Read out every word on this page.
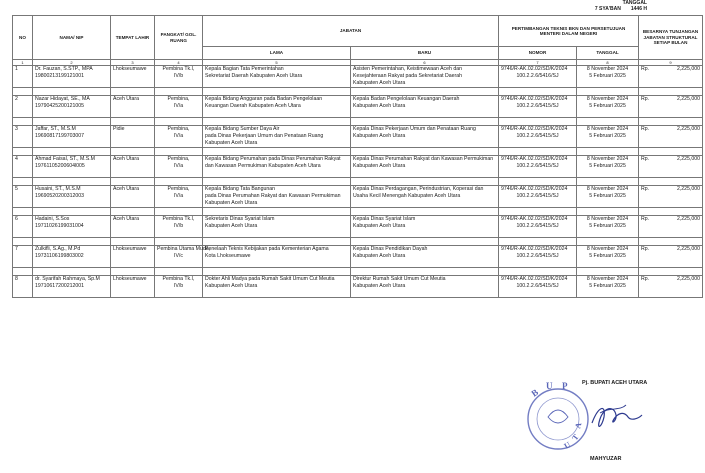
TANGGAL
7 SYA'BAN 1446 H
NO	NAMA/ NIP	TEMPAT LAHIR	PANGKAT/ GOL. RUANG	JABATAN		PERTIMBANGAN TEKNIS BKN DAN PERSETUJUAN MENTERI DALAM NEGERI		BESARNYA TUNJANGAN JABATAN STRUKTURAL SETIAP BULAN
				LAMA	BARU	NOMOR	TANGGAL	
1	2	3	4	5	6	7	8	9
1	Dr. Fauzan, S.STP., MPA	Lhokseumawe	Pembina Tk.I,	Kepala Bagian Tata Pemerintahan	Asisten Pemerintahan, Keistimewaan Aceh dan	9746/R-AK.02.02/SD/K/2024	8 November 2024	Rp. 2,225,000

	19800213199121001		IV/b	Sekretariat Daerah Kabupaten Aceh Utara	Kesejahteraan Rakyat pada Sekretariat Daerah	100.2.2.6/5416/SJ	5 Februari 2025	
					Kabupaten Aceh Utara			

2	Nazar Hidayat, SE., MA	Aceh Utara	Pembina,	Kepala Bidang Anggaran pada Badan Pengelolaan	Kepala Badan Pengelolaan Keuangan Daerah	9746/R-AK.02.02/SD/K/2024	8 November 2024	Rp. 2,225,000

	19790425200121005		IV/a	Keuangan Daerah Kabupaten Aceh Utara	Kabupaten Aceh Utara	100.2.2.6/5415/SJ	5 Februari 2025	

3	Jaffar, ST., M.S.M	Pidie	Pembina,	Kepala Bidang Sumber Daya Air	Kepala Dinas Pekerjaan Umum dan Penataan Ruang	9746/R-AK.02.02/SD/K/2024	8 November 2024	Rp. 2,225,000

	19690817199703007		IV/a	pada Dinas Pekerjaan Umum dan Penataan Ruang	Kabupaten Aceh Utara	100.2.2.6/5415/SJ	5 Februari 2025	
				Kabupaten Aceh Utara				

4	Ahmad Faisal, ST., M.S.M	Aceh Utara	Pembina,	Kepala Bidang Perumahan pada Dinas Perumahan Rakyat	Kepala Dinas Perumahan Rakyat dan Kawasan Permukiman	9746/R-AK.02.02/SD/K/2024	8 November 2024	Rp. 2,225,000

	19761105200604l005		IV/a	dan Kawasan Permukiman Kabupaten Aceh Utara	Kabupaten Aceh Utara	100.2.2.6/5415/SJ	5 Februari 2025	

5	Husaini, ST., M.S.M	Aceh Utara	Pembina,	Kepala Bidang Tata Bangunan	Kepala Dinas Perdagangan, Perindustrian, Koperasi dan	9746/R-AK.02.02/SD/K/2024	8 November 2024	Rp. 2,225,000

	19690520200312003		IV/a	pada Dinas Perumahan Rakyat dan Kawasan Permukiman	Usaha Kecil Menengah Kabupaten Aceh Utara	100.2.2.6/5415/SJ	5 Februari 2025	
				Kabupaten Aceh Utara				

6	Hadaini, S.Sos	Aceh Utara	Pembina Tk.I,	Sekretaris Dinas Syariat Islam	Kepala Dinas Syariat Islam	9746/R-AK.02.02/SD/K/2024	8 November 2024	Rp. 2,225,000

	19711026199031004		IV/b	Kabupaten Aceh Utara	Kabupaten Aceh Utara	100.2.2.6/5415/SJ	5 Februari 2025	

7	Zulkifli, S.Ag., M.Pd	Lhokseumawe	Pembina Utama Muda,	Penelaah Teknis Kebijakan pada Kementerian Agama	Kepala Dinas Pendidikan Dayah	9746/R-AK.02.02/SD/K/2024	8 November 2024	Rp. 2,225,000

	19731106199803002		IV/c	Kota Lhokseumawe	Kabupaten Aceh Utara	100.2.2.6/5415/SJ	5 Februari 2025	

8	dr. Syarifah Rahmaya, Sp.M	Lhokseumawe	Pembina Tk.I,	Dokter Ahli Madya pada Rumah Sakit Umum Cut Meutia	Direktur Rumah Sakit Umum Cut Meutia	9746/R-AK.02.02/SD/K/2024	8 November 2024	Rp. 2,225,000

	19710617200212001		IV/b	Kabupaten Aceh Utara	Kabupaten Aceh Utara	100.2.2.6/5415/SJ	5 Februari 2025	

B
U P
U
T
A
Pj. BUPATI ACEH UTARA
MAHYUZAR
